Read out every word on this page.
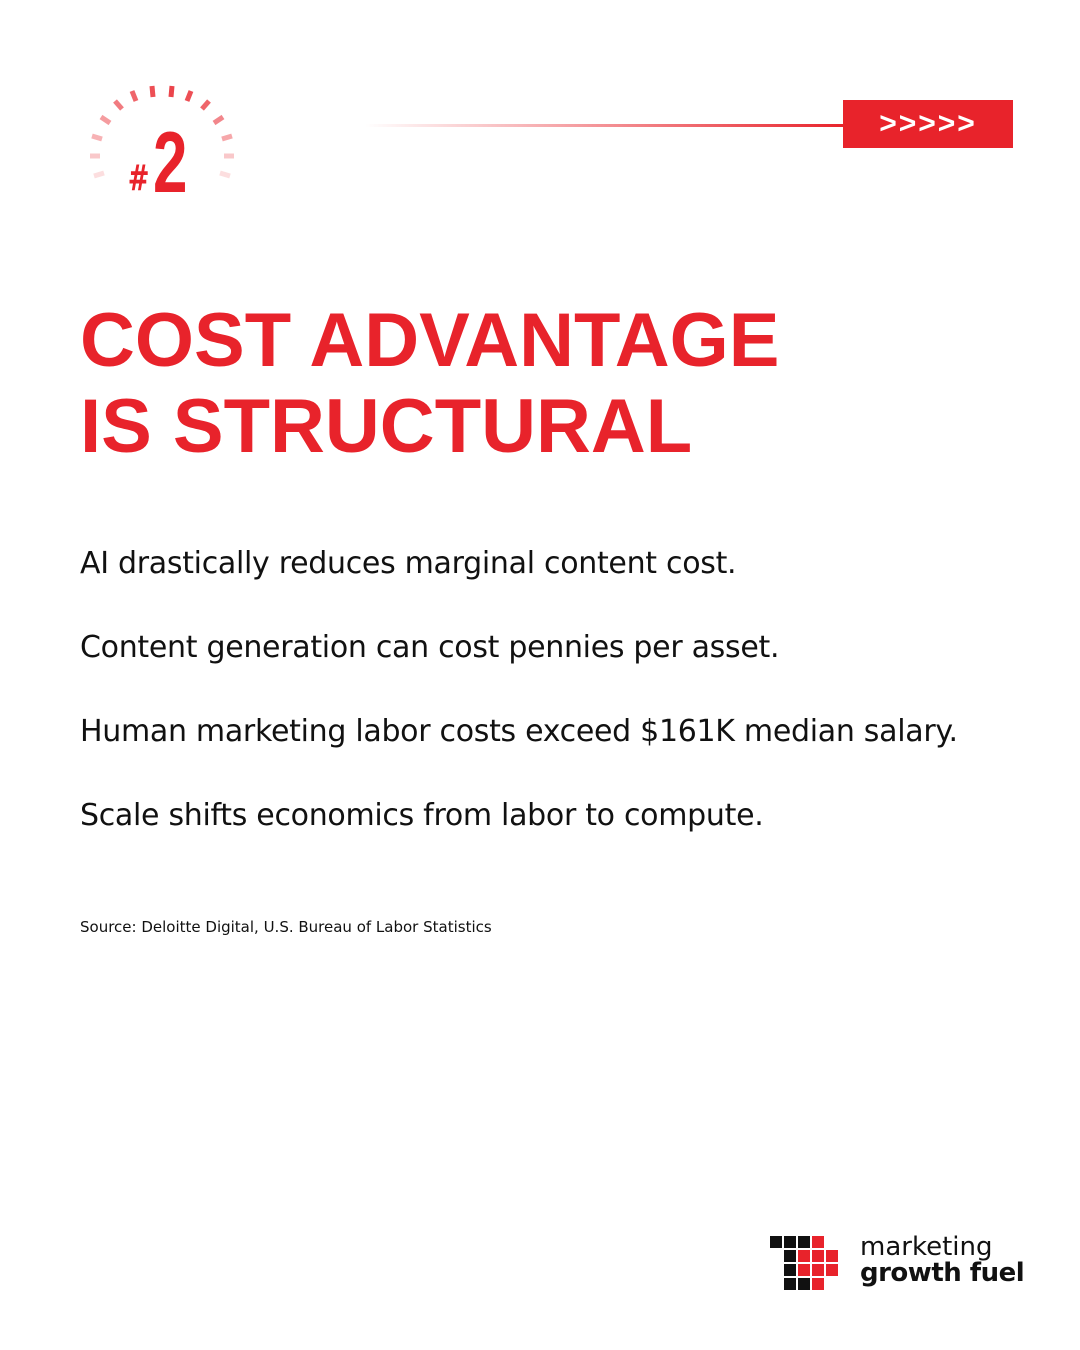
# 2	>>>>>
COST ADVANTAGE
IS STRUCTURAL
AI drastically reduces marginal content cost.
Content generation can cost pennies per asset.
Human marketing labor costs exceed $161K median salary.
Scale shifts economics from labor to compute.
Source: Deloitte Digital, U.S. Bureau of Labor Statistics
marketing
growth fuel
